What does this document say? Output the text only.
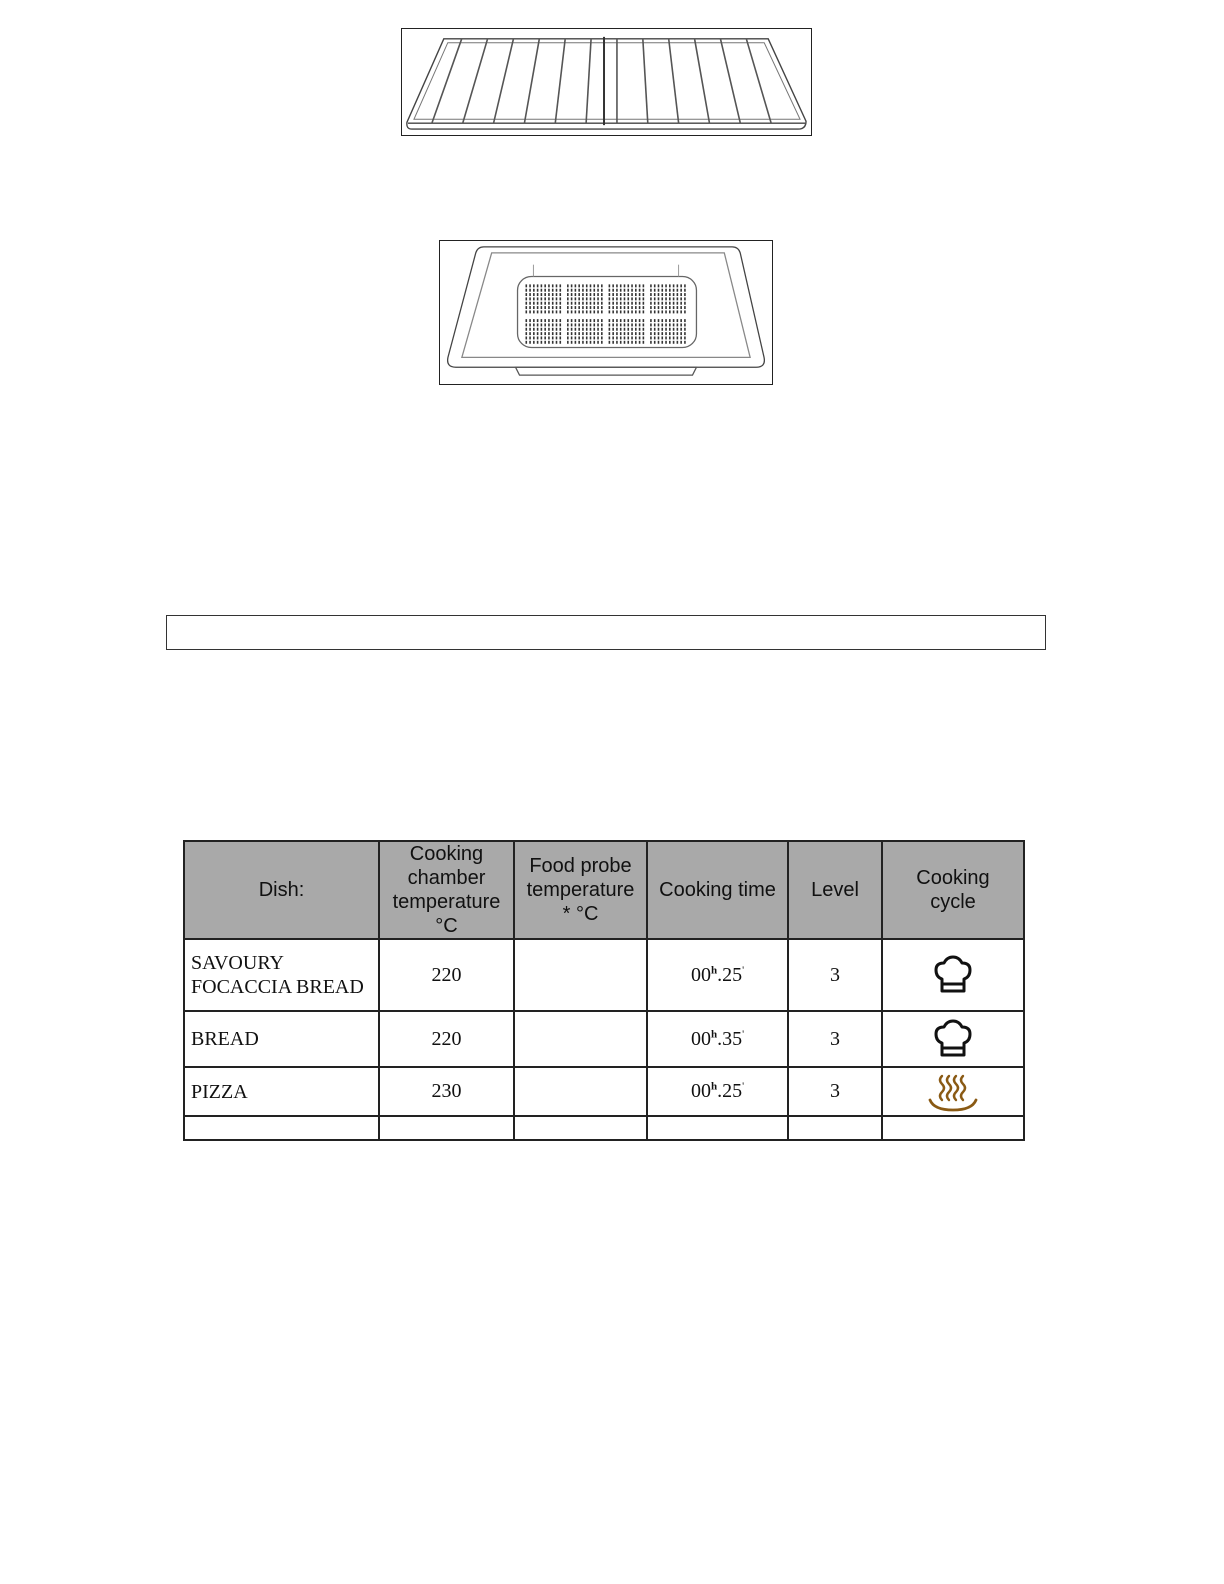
Dish:	Cooking chamber temperature °C	Food probe temperature * °C	Cooking time	Level	Cooking cycle
SAVOURY FOCACCIA BREAD	220		00$^h$.25'	3	
BREAD	220		00$^h$.35'	3	
PIZZA	230		00$^h$.25'	3	
